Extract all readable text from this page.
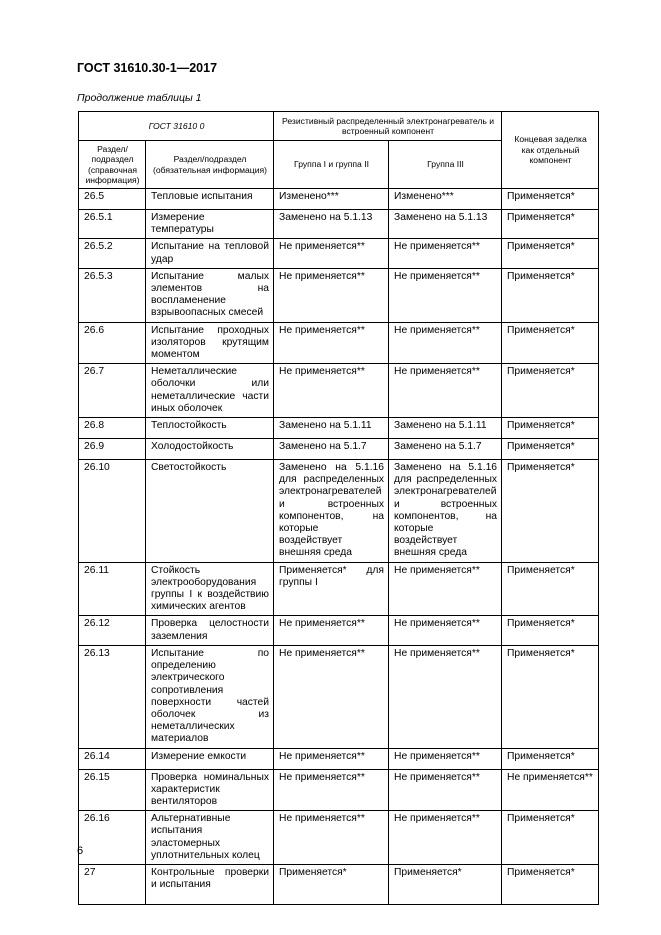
ГОСТ 31610.30-1—2017
Продолжение таблицы 1
ГОСТ 31610 0		Резистивный распределенный электронагреватель и встроенный компонент		Концевая заделка как отдельный компонент
Раздел/ подраздел (справочная информация)	Раздел/подраздел (обязательная информация)	Группа I и группа II	Группа III	
26.5	Тепловые испытания	Изменено***	Изменено***	Применяется*
26.5.1	Измерение температуры	Заменено на 5.1.13	Заменено на 5.1.13	Применяется*
26.5.2	Испытание на тепловой удар	Не применяется**	Не применяется**	Применяется*
26.5.3	Испытание малых элементов на воспламенение взрывоопасных смесей	Не применяется**	Не применяется**	Применяется*
26.6	Испытание проходных изоляторов крутящим моментом	Не применяется**	Не применяется**	Применяется*
26.7	Неметаллические оболочки или неметаллические части иных оболочек	Не применяется**	Не применяется**	Применяется*
26.8	Теплостойкость	Заменено на 5.1.11	Заменено на 5.1.11	Применяется*
26.9	Холодостойкость	Заменено на 5.1.7	Заменено на 5.1.7	Применяется*
26.10	Светостойкость	Заменено на 5.1.16 для распределенных электронагревателей и встроенных компонентов, на которые воздействует внешняя среда	Заменено на 5.1.16 для распределенных электронагревателей и встроенных компонентов, на которые воздействует внешняя среда	Применяется*
26.11	Стойкость электрооборудования группы I к воздействию химических агентов	Применяется* для группы I	Не применяется**	Применяется*
26.12	Проверка целостности заземления	Не применяется**	Не применяется**	Применяется*
26.13	Испытание по определению электрического сопротивления поверхности частей оболочек из неметаллических материалов	Не применяется**	Не применяется**	Применяется*
26.14	Измерение емкости	Не применяется**	Не применяется**	Применяется*
26.15	Проверка номинальных характеристик вентиляторов	Не применяется**	Не применяется**	Не применяется**
26.16	Альтернативные испытания эластомерных уплотнительных колец	Не применяется**	Не применяется**	Применяется*
27	Контрольные проверки и испытания	Применяется*	Применяется*	Применяется*
6
